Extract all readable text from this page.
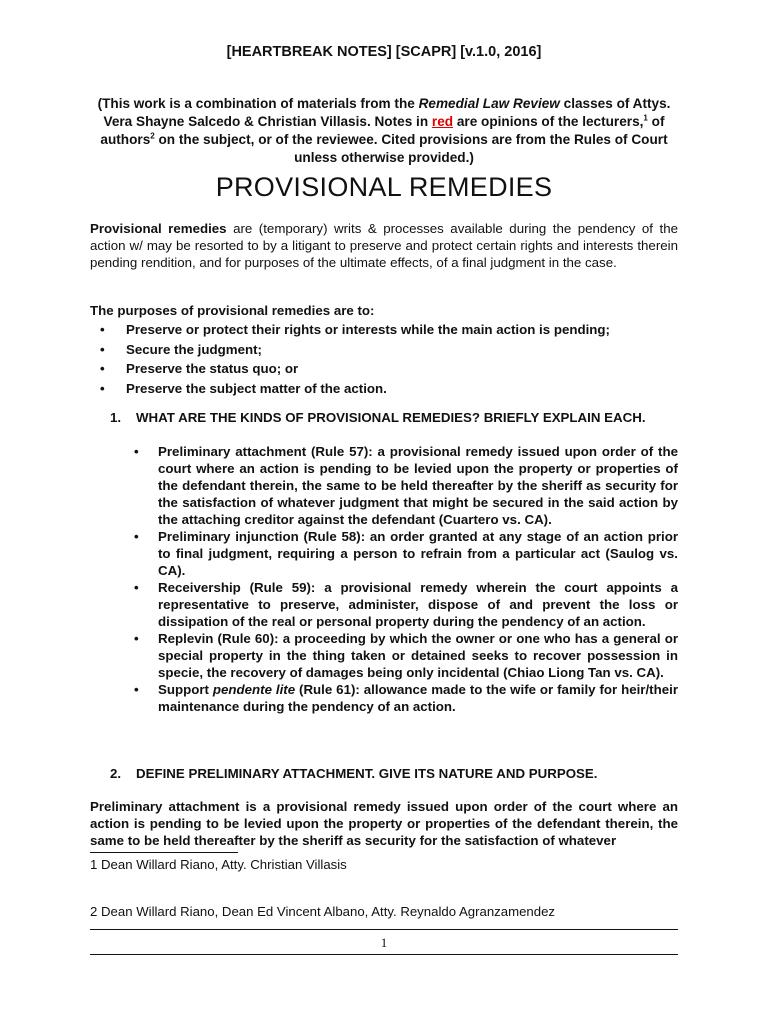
[HEARTBREAK NOTES] [SCAPR] [v.1.0, 2016]
(This work is a combination of materials from the Remedial Law Review classes of Attys. Vera Shayne Salcedo & Christian Villasis. Notes in red are opinions of the lecturers,$^1$ of authors$^2$ on the subject, or of the reviewee. Cited provisions are from the Rules of Court unless otherwise provided.)
PROVISIONAL REMEDIES
Provisional remedies are (temporary) writs & processes available during the pendency of the action w/ may be resorted to by a litigant to preserve and protect certain rights and interests therein pending rendition, and for purposes of the ultimate effects, of a final judgment in the case.
The purposes of provisional remedies are to:
• Preserve or protect their rights or interests while the main action is pending;
• Secure the judgment;
• Preserve the status quo; or
• Preserve the subject matter of the action.
1. WHAT ARE THE KINDS OF PROVISIONAL REMEDIES? BRIEFLY EXPLAIN EACH.
• Preliminary attachment (Rule 57): a provisional remedy issued upon order of the court where an action is pending to be levied upon the property or properties of the defendant therein, the same to be held thereafter by the sheriff as security for the satisfaction of whatever judgment that might be secured in the said action by the attaching creditor against the defendant (Cuartero vs. CA).
• Preliminary injunction (Rule 58): an order granted at any stage of an action prior to final judgment, requiring a person to refrain from a particular act (Saulog vs. CA).
• Receivership (Rule 59): a provisional remedy wherein the court appoints a representative to preserve, administer, dispose of and prevent the loss or dissipation of the real or personal property during the pendency of an action.
• Replevin (Rule 60): a proceeding by which the owner or one who has a general or special property in the thing taken or detained seeks to recover possession in specie, the recovery of damages being only incidental (Chiao Liong Tan vs. CA).
• Support pendente lite (Rule 61): allowance made to the wife or family for heir/their maintenance during the pendency of an action.
2. DEFINE PRELIMINARY ATTACHMENT. GIVE ITS NATURE AND PURPOSE.
Preliminary attachment is a provisional remedy issued upon order of the court where an action is pending to be levied upon the property or properties of the defendant therein, the same to be held thereafter by the sheriff as security for the satisfaction of whatever
1 Dean Willard Riano, Atty. Christian Villasis
2 Dean Willard Riano, Dean Ed Vincent Albano, Atty. Reynaldo Agranzamendez
1
